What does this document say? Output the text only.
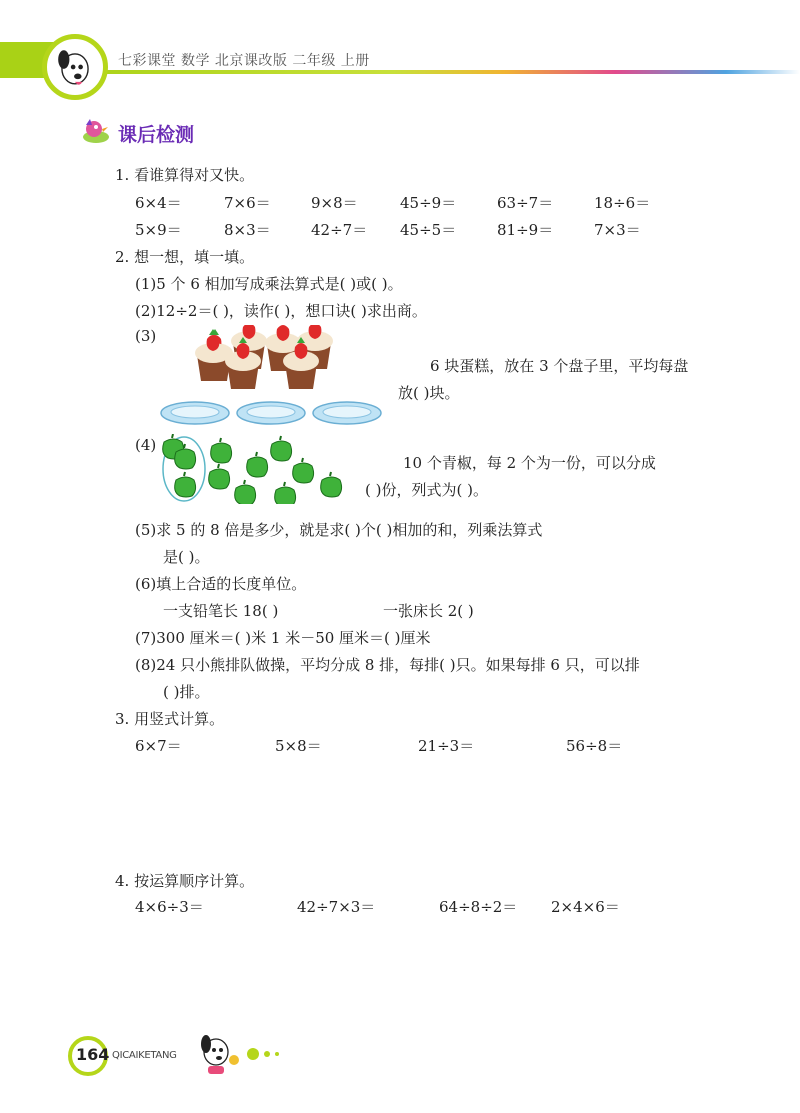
七彩课堂 数学 北京课改版 二年级 上册
课后检测
1. 看谁算得对又快。
6×4＝	7×6＝	9×8＝	45÷9＝	63÷7＝	18÷6＝
5×9＝	8×3＝	42÷7＝ 45÷5＝	81÷9＝	7×3＝
2. 想一想，填一填。
(1)5 个 6 相加写成乘法算式是( )或( )。
(2)12÷2＝( )，读作( )，想口诀( )求出商。
(3)
6 块蛋糕，放在 3 个盘子里，平均每盘
放( )块。
(4)
10 个青椒，每 2 个为一份，可以分成
( )份，列式为( )。
(5)求 5 的 8 倍是多少，就是求( )个( )相加的和，列乘法算式
是( )。
(6)填上合适的长度单位。
一支铅笔长 18( )	一张床长 2( )
(7)300 厘米＝( )米 1 米－50 厘米＝( )厘米
(8)24 只小熊排队做操，平均分成 8 排，每排( )只。如果每排 6 只，可以排
( )排。
3. 用竖式计算。
6×7＝	5×8＝	21÷3＝	56÷8＝
4. 按运算顺序计算。
4×6÷3＝	42÷7×3＝	64÷8÷2＝ 2×4×6＝
164 QICAIKETANG
